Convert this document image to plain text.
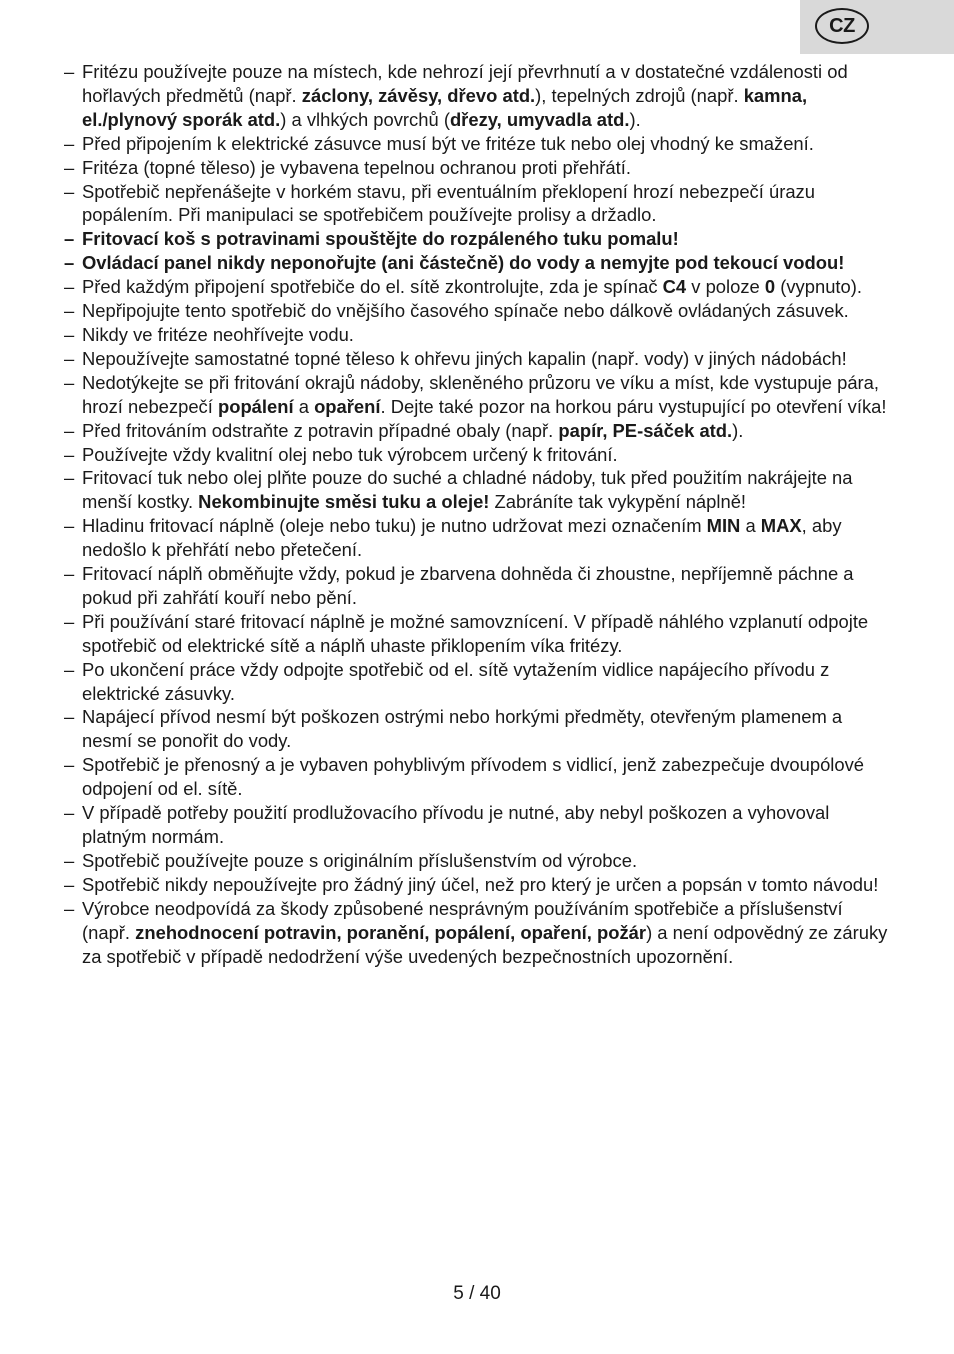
CZ

– Fritézu používejte pouze na místech, kde nehrozí její převrhnutí a v dostatečné vzdálenosti od hořlavých předmětů (např. záclony, závěsy, dřevo atd.), tepelných zdrojů (např. kamna, el./plynový sporák atd.) a vlhkých povrchů (dřezy, umyvadla atd.).

– Před připojením k elektrické zásuvce musí být ve fritéze tuk nebo olej vhodný ke smažení.

– Fritéza (topné těleso) je vybavena tepelnou ochranou proti přehřátí.

– Spotřebič nepřenášejte v horkém stavu, při eventuálním překlopení hrozí nebezpečí úrazu popálením. Při manipulaci se spotřebičem používejte prolisy a držadlo.

– Fritovací koš s potravinami spouštějte do rozpáleného tuku pomalu!

– Ovládací panel nikdy neponořujte (ani částečně) do vody a nemyjte pod tekoucí vodou!

– Před každým připojení spotřebiče do el. sítě zkontrolujte, zda je spínač C4 v poloze 0 (vypnuto).

– Nepřipojujte tento spotřebič do vnějšího časového spínače nebo dálkově ovládaných zásuvek.

– Nikdy ve fritéze neohřívejte vodu.

– Nepoužívejte samostatné topné těleso k ohřevu jiných kapalin (např. vody) v jiných nádobách!

– Nedotýkejte se při fritování okrajů nádoby, skleněného průzoru ve víku a míst, kde vystupuje pára, hrozí nebezpečí popálení a opaření. Dejte také pozor na horkou páru vystupující po otevření víka!

– Před fritováním odstraňte z potravin případné obaly (např. papír, PE-sáček atd.).

– Používejte vždy kvalitní olej nebo tuk výrobcem určený k fritování.

– Fritovací tuk nebo olej plňte pouze do suché a chladné nádoby, tuk před použitím nakrájejte na menší kostky. Nekombinujte směsi tuku a oleje! Zabráníte tak vykypění náplně!

– Hladinu fritovací náplně (oleje nebo tuku) je nutno udržovat mezi označením MIN a MAX, aby nedošlo k přehřátí nebo přetečení.

– Fritovací náplň obměňujte vždy, pokud je zbarvena dohněda či zhoustne, nepříjemně páchne a pokud při zahřátí kouří nebo pění.

– Při používání staré fritovací náplně je možné samovznícení. V případě náhlého vzplanutí odpojte spotřebič od elektrické sítě a náplň uhaste přiklopením víka fritézy.

– Po ukončení práce vždy odpojte spotřebič od el. sítě vytažením vidlice napájecího přívodu z elektrické zásuvky.

– Napájecí přívod nesmí být poškozen ostrými nebo horkými předměty, otevřeným plamenem a nesmí se ponořit do vody.

– Spotřebič je přenosný a je vybaven pohyblivým přívodem s vidlicí, jenž zabezpečuje dvoupólové odpojení od el. sítě.

– V případě potřeby použití prodlužovacího přívodu je nutné, aby nebyl poškozen a vyhovoval platným normám.

– Spotřebič používejte pouze s originálním příslušenstvím od výrobce.

– Spotřebič nikdy nepoužívejte pro žádný jiný účel, než pro který je určen a popsán v tomto návodu!

– Výrobce neodpovídá za škody způsobené nesprávným používáním spotřebiče a příslušenství (např. znehodnocení potravin, poranění, popálení, opaření, požár) a není odpovědný ze záruky za spotřebič v případě nedodržení výše uvedených bezpečnostních upozornění.

5 / 40
